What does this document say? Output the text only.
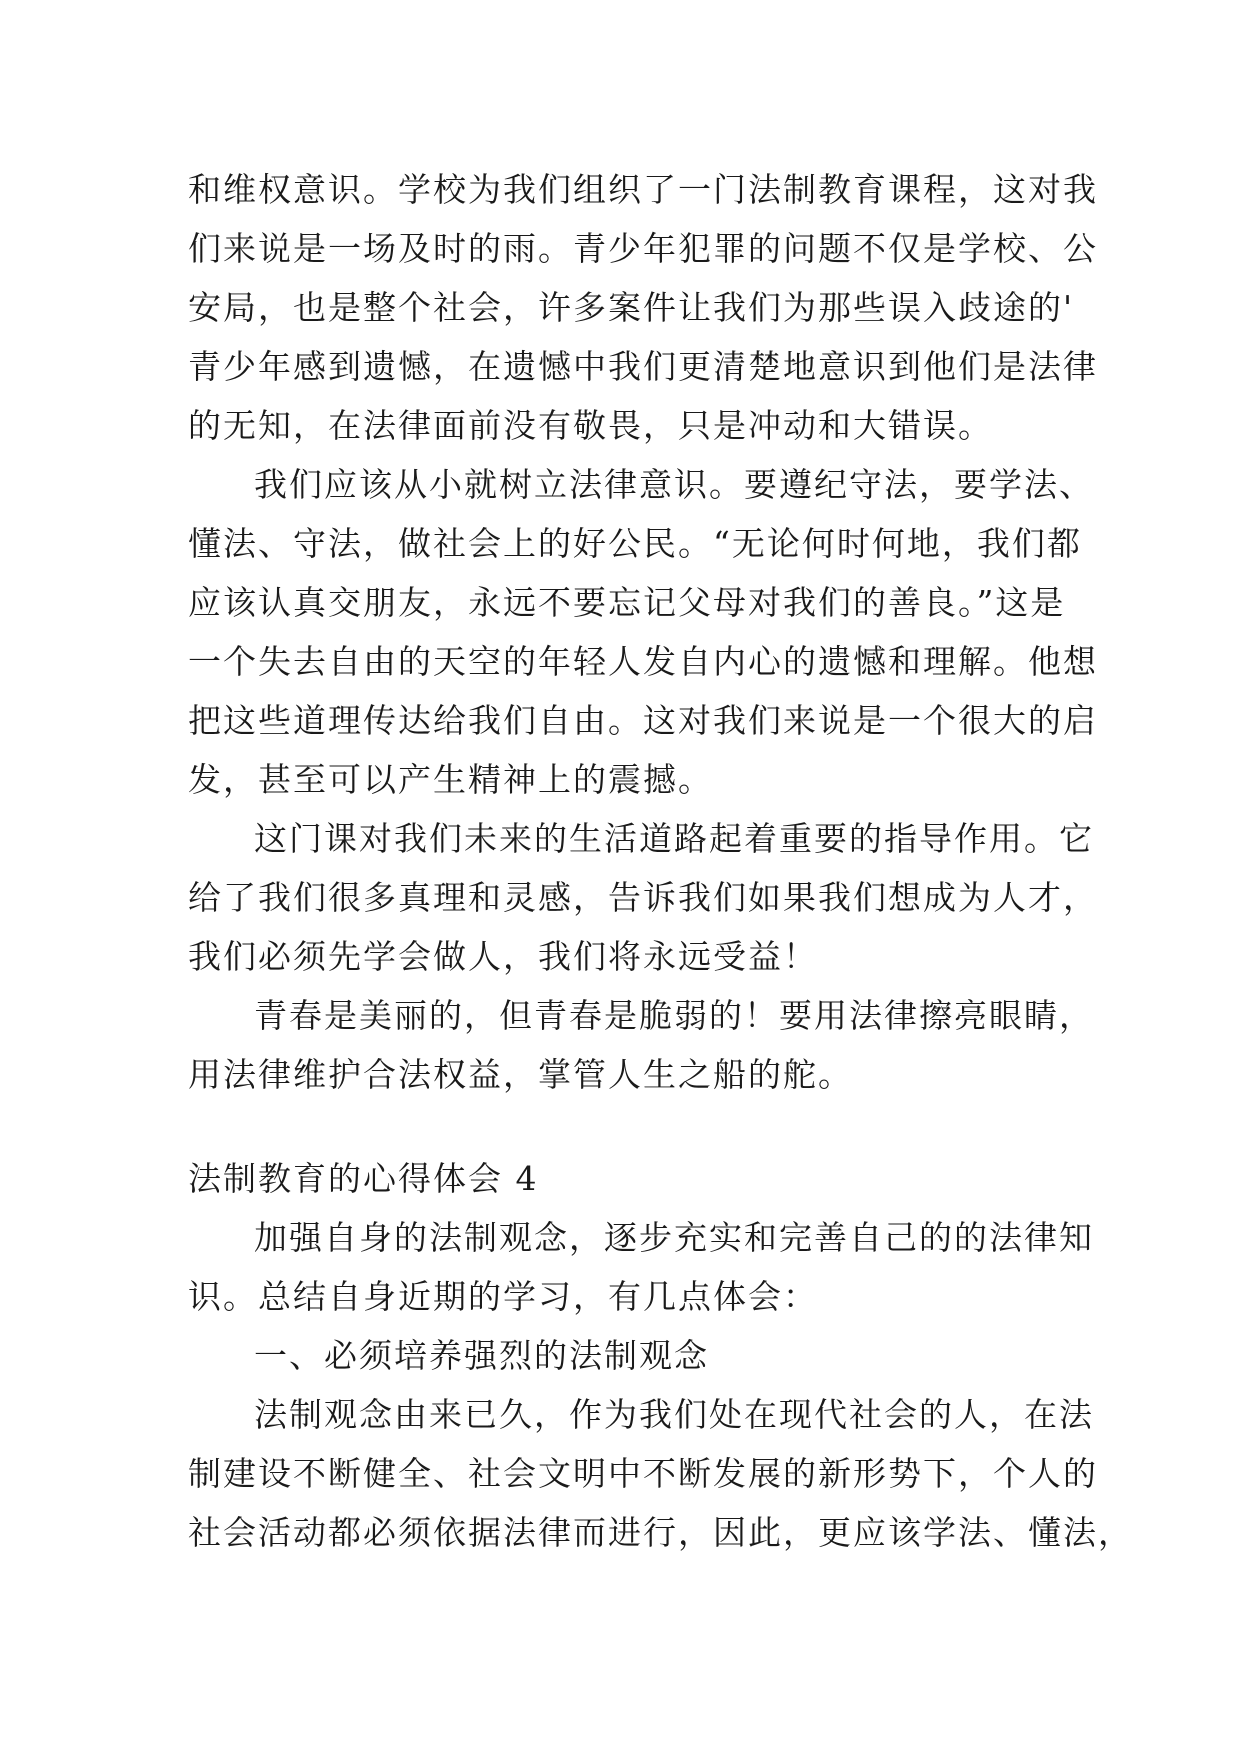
和维权意识。学校为我们组织了一门法制教育课程，这对我
们来说是一场及时的雨。青少年犯罪的问题不仅是学校、公
安局，也是整个社会，许多案件让我们为那些误入歧途的'
青少年感到遗憾，在遗憾中我们更清楚地意识到他们是法律
的无知，在法律面前没有敬畏，只是冲动和大错误。
我们应该从小就树立法律意识。要遵纪守法，要学法、
懂法、守法，做社会上的好公民。“无论何时何地，我们都
应该认真交朋友，永远不要忘记父母对我们的善良。”这是
一个失去自由的天空的年轻人发自内心的遗憾和理解。他想
把这些道理传达给我们自由。这对我们来说是一个很大的启
发，甚至可以产生精神上的震撼。
这门课对我们未来的生活道路起着重要的指导作用。它
给了我们很多真理和灵感，告诉我们如果我们想成为人才，
我们必须先学会做人，我们将永远受益！
青春是美丽的，但青春是脆弱的！要用法律擦亮眼睛，
用法律维护合法权益，掌管人生之船的舵。
法制教育的心得体会 4
加强自身的法制观念，逐步充实和完善自己的的法律知
识。总结自身近期的学习，有几点体会：
一、必须培养强烈的法制观念
法制观念由来已久，作为我们处在现代社会的人，在法
制建设不断健全、社会文明中不断发展的新形势下，个人的
社会活动都必须依据法律而进行，因此，更应该学法、懂法，
